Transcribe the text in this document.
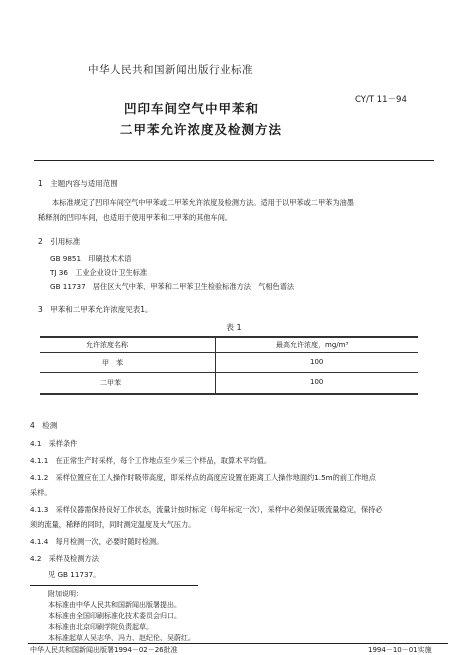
中华人民共和国新闻出版行业标准
CY/T 11－94
凹印车间空气中甲苯和
二甲苯允许浓度及检测方法
1　主题内容与适用范围
本标准规定了凹印车间空气中甲苯或二甲苯允许浓度及检测方法。适用于以甲苯或二甲苯为油墨
稀释剂的凹印车间，也适用于使用甲苯和二甲苯的其他车间。
2　引用标准
GB 9851　印刷技术术语
TJ 36　工业企业设计卫生标准
GB 11737　居住区大气中苯、甲苯和二甲苯卫生检验标准方法　气相色谱法
3　甲苯和二甲苯允许浓度见表1。
表 1
允许浓度名称	最高允许浓度，mg/m³
甲　苯	100
二甲苯	100
4　检测
4.1　采样条件
4.1.1　在正常生产时采样，每个工作地点至少采三个样品，取算术平均值。
4.1.2　采样位置应在工人操作时吸带高度，即采样点的高度应设置在距离工人操作地面约1.5m的前工作地点
采样。
4.1.3　采样仪器需保持良好工作状态，流量计按时标定（每年标定一次），采样中必须保证吸流量稳定，保持必
须的流量，稀释的同时，同时测定温度及大气压力。
4.1.4　每月检测一次，必要时随时检测。
4.2　采样及检测方法
见 GB 11737。
附加说明：
本标准由中华人民共和国新闻出版署提出。
本标准由全国印刷标准化技术委员会归口。
本标准由北京印刷学院负责起草。
本标准起草人吴志华、冯力、赵纪伦、吴蔚红。
中华人民共和国新闻出版署1994－02－26批准	1994－10－01实施
